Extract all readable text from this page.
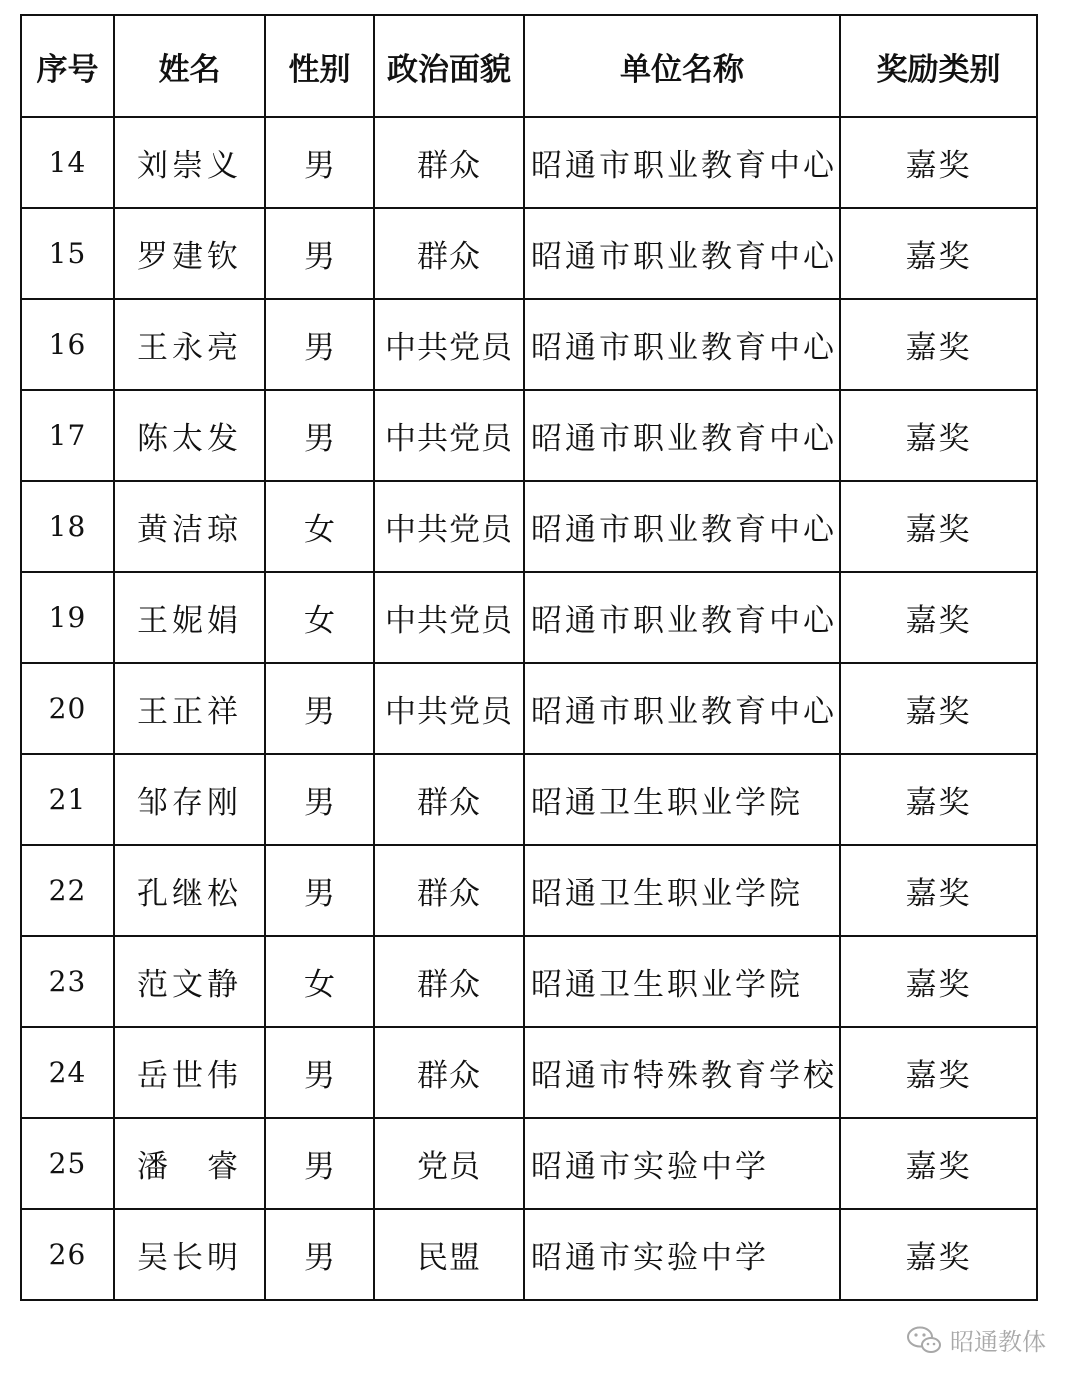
序号	姓名	性别	政治面貌	单位名称	奖励类别
14	刘崇义	男	群众	昭通市职业教育中心	嘉奖
15	罗建钦	男	群众	昭通市职业教育中心	嘉奖
16	王永亮	男	中共党员	昭通市职业教育中心	嘉奖
17	陈太发	男	中共党员	昭通市职业教育中心	嘉奖
18	黄洁琼	女	中共党员	昭通市职业教育中心	嘉奖
19	王妮娟	女	中共党员	昭通市职业教育中心	嘉奖
20	王正祥	男	中共党员	昭通市职业教育中心	嘉奖
21	邹存刚	男	群众	昭通卫生职业学院	嘉奖
22	孔继松	男	群众	昭通卫生职业学院	嘉奖
23	范文静	女	群众	昭通卫生职业学院	嘉奖
24	岳世伟	男	群众	昭通市特殊教育学校	嘉奖
25	潘　睿	男	党员	昭通市实验中学	嘉奖
26	吴长明	男	民盟	昭通市实验中学	嘉奖
昭通教体
